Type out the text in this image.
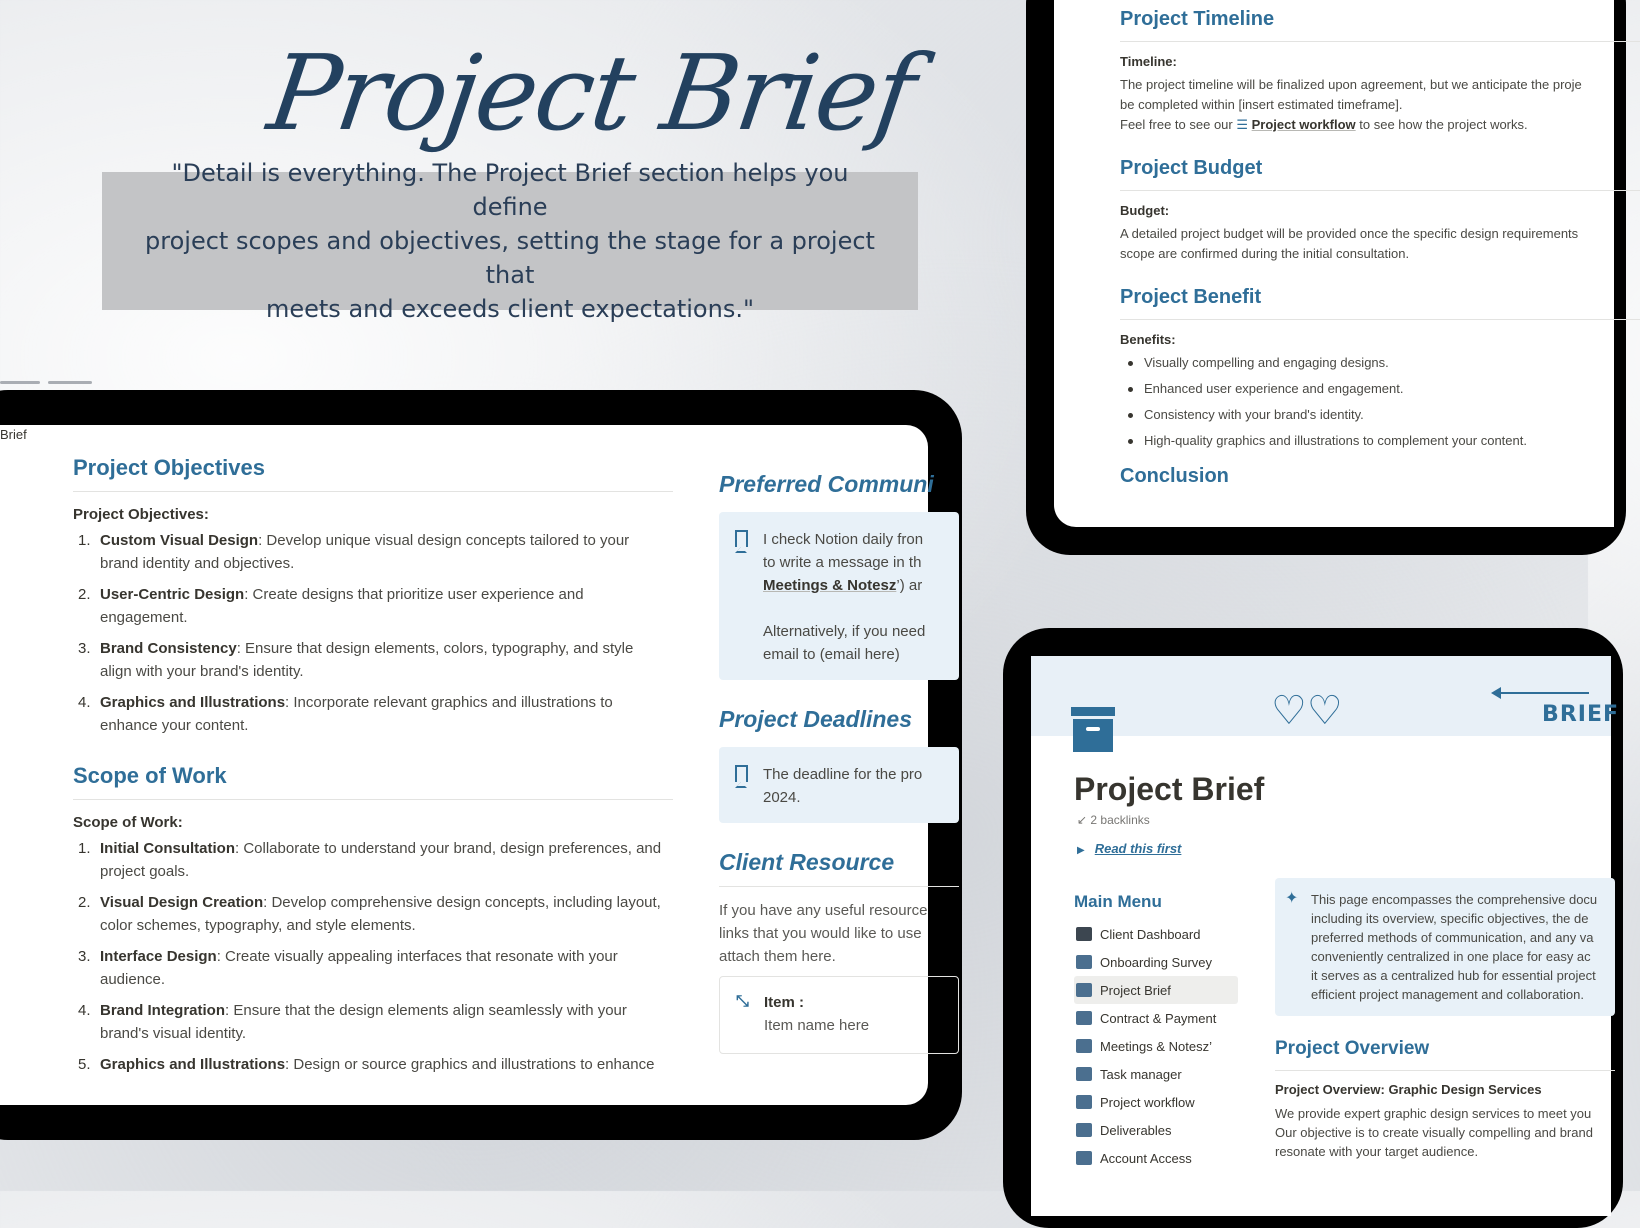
Project Brief
"Detail is everything. The Project Brief section helps you define
project scopes and objectives, setting the stage for a project that
meets and exceeds client expectations."
Brief
Project Objectives
Project Objectives:
1. Custom Visual Design: Develop unique visual design concepts tailored to your
brand identity and objectives.
2. User-Centric Design: Create designs that prioritize user experience and
engagement.
3. Brand Consistency: Ensure that design elements, colors, typography, and style
align with your brand's identity.
4. Graphics and Illustrations: Incorporate relevant graphics and illustrations to
enhance your content.
Scope of Work
Scope of Work:
1. Initial Consultation: Collaborate to understand your brand, design preferences, and
project goals.
2. Visual Design Creation: Develop comprehensive design concepts, including layout,
color schemes, typography, and style elements.
3. Interface Design: Create visually appealing interfaces that resonate with your
audience.
4. Brand Integration: Ensure that the design elements align seamlessly with your
brand's visual identity.
5. Graphics and Illustrations: Design or source graphics and illustrations to enhance
Preferred Communi

I check Notion daily fron

to write a message in th

Meetings & Notesz’) ar

Alternatively, if you need

email to (email here)

Project Deadlines

The deadline for the pro

2024.

Client Resource

If you have any useful resource

links that you would like to use

attach them here.

⤡ Item :

Item name here

Project Timeline
Timeline:

The project timeline will be finalized upon agreement, but we anticipate the proje

be completed within [insert estimated timeframe].

Feel free to see our ☰ Project workflow to see how the project works.

Project Budget
Budget:

A detailed project budget will be provided once the specific design requirements

scope are confirmed during the initial consultation.

Project Benefit
Benefits:
Visually compelling and engaging designs.
Enhanced user experience and engagement.
Consistency with your brand's identity.
High-quality graphics and illustrations to complement your content.
Conclusion
♡♡	BRIEF
Project Brief
↙ 2 backlinks
▶ Read this first
Main Menu
Client Dashboard
Onboarding Survey
Project Brief
Contract & Payment
Meetings & Notesz’
Task manager
Project workflow
Deliverables
Account Access
✦ This page encompasses the comprehensive docu

including its overview, specific objectives, the de

preferred methods of communication, and any va

conveniently centralized in one place for easy ac

it serves as a centralized hub for essential project

efficient project management and collaboration.

Project Overview
Project Overview: Graphic Design Services

We provide expert graphic design services to meet you

Our objective is to create visually compelling and brand

resonate with your target audience.
